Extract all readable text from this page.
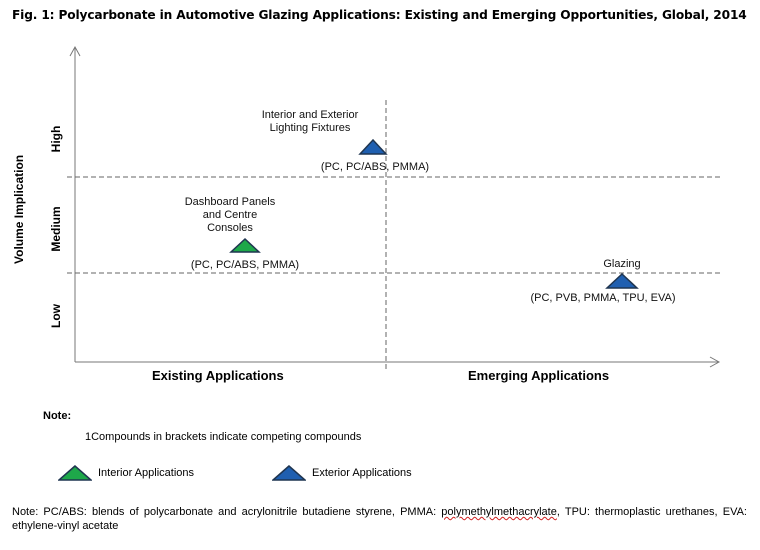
Fig. 1: Polycarbonate in Automotive Glazing Applications: Existing and Emerging Opportunities, Global, 2014
Volume Implication
High
Medium
Low
Existing Applications	Emerging Applications
Interior and Exterior
Lighting Fixtures
(PC, PC/ABS, PMMA)
Dashboard Panels
and Centre
Consoles
(PC, PC/ABS, PMMA)	Glazing
(PC, PVB, PMMA, TPU, EVA)
Note:
1Compounds in brackets indicate competing compounds
Interior Applications	Exterior Applications
Note: PC/ABS: blends of polycarbonate and acrylonitrile butadiene styrene, PMMA: polymethylmethacrylate, TPU: thermoplastic urethanes, EVA: ethylene-vinyl acetate
